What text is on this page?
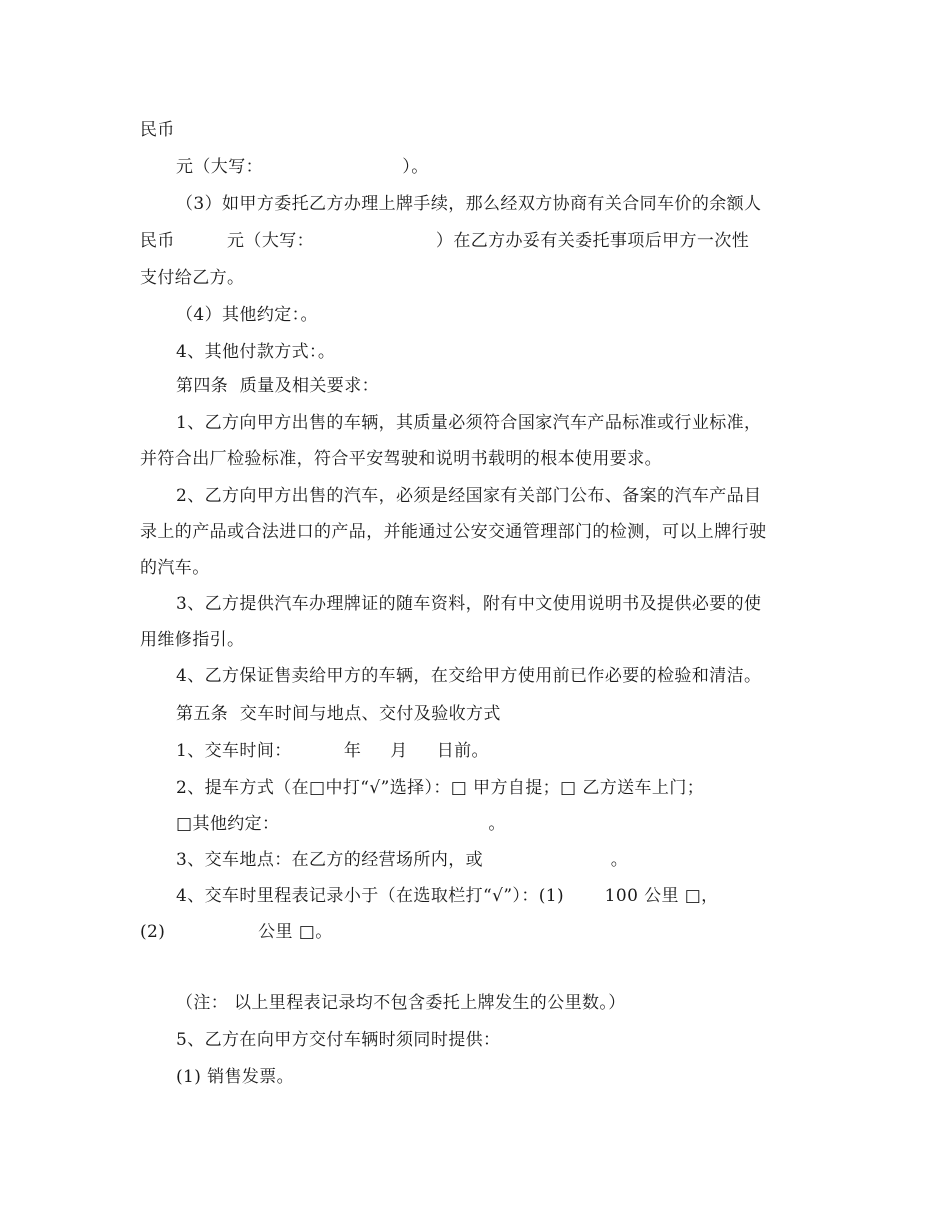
民币
元（大写：                        ）。
（3）如甲方委托乙方办理上牌手续，那么经双方协商有关合同车价的余额人
民币         元（大写：                     ）在乙方办妥有关委托事项后甲方一次性
支付给乙方。
（4）其他约定：。
4、其他付款方式：。
第四条  质量及相关要求：
1、乙方向甲方出售的车辆，其质量必须符合国家汽车产品标准或行业标准，
并符合出厂检验标准，符合平安驾驶和说明书载明的根本使用要求。
2、乙方向甲方出售的汽车，必须是经国家有关部门公布、备案的汽车产品目
录上的产品或合法进口的产品，并能通过公安交通管理部门的检测，可以上牌行驶
的汽车。
3、乙方提供汽车办理牌证的随车资料，附有中文使用说明书及提供必要的使
用维修指引。
4、乙方保证售卖给甲方的车辆，在交给甲方使用前已作必要的检验和清洁。
第五条  交车时间与地点、交付及验收方式
1、交车时间：         年     月     日前。
2、提车方式（在□中打“√”选择）：□ 甲方自提；□ 乙方送车上门；
□其他约定：                                    。
3、交车地点：在乙方的经营场所内，或                      。
4、交车时里程表记录小于（在选取栏打“√”）：(1)       100 公里 □，
(2)                公里 □。
（注： 以上里程表记录均不包含委托上牌发生的公里数。）
5、乙方在向甲方交付车辆时须同时提供：
(1) 销售发票。
